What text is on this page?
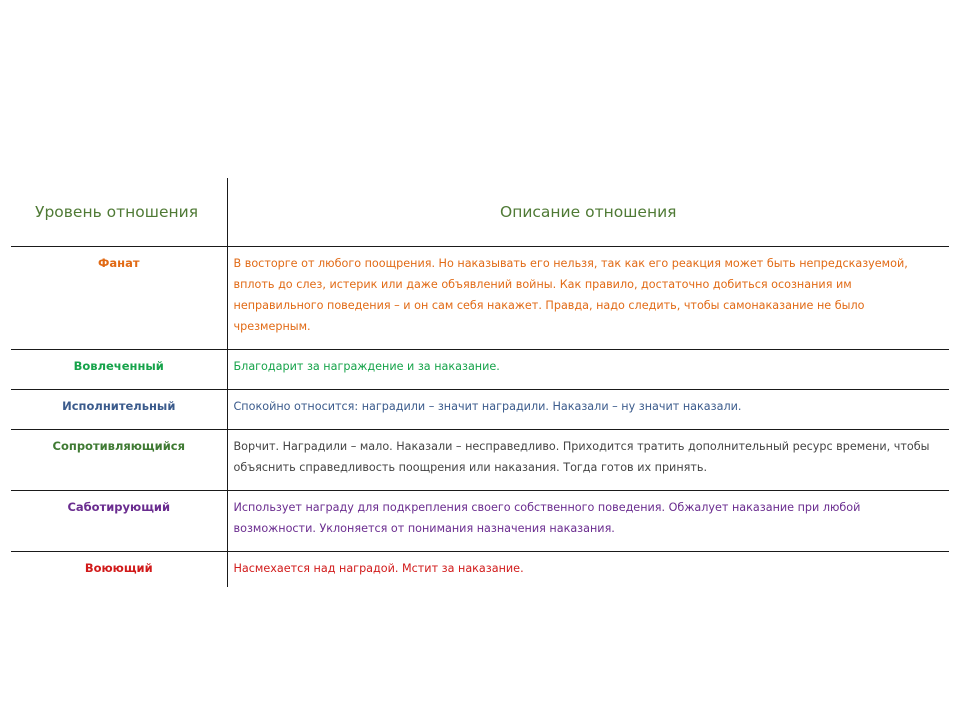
Уровень отношения	Описание отношения
Фанат	В восторге от любого поощрения. Но наказывать его нельзя, так как его реакция может быть непредсказуемой, вплоть до слез, истерик или даже объявлений войны. Как правило, достаточно добиться осознания им неправильного поведения – и он сам себя накажет. Правда, надо следить, чтобы самонаказание не было чрезмерным.
Вовлеченный	Благодарит за награждение и за наказание.
Исполнительный	Спокойно относится: наградили – значит наградили. Наказали – ну значит наказали.
Сопротивляющийся	Ворчит. Наградили – мало. Наказали – несправедливо. Приходится тратить дополнительный ресурс времени, чтобы объяснить справедливость поощрения или наказания. Тогда готов их принять.
Саботирующий	Использует награду для подкрепления своего собственного поведения. Обжалует наказание при любой возможности. Уклоняется от понимания назначения наказания.
Воюющий	Насмехается над наградой. Мстит за наказание.
